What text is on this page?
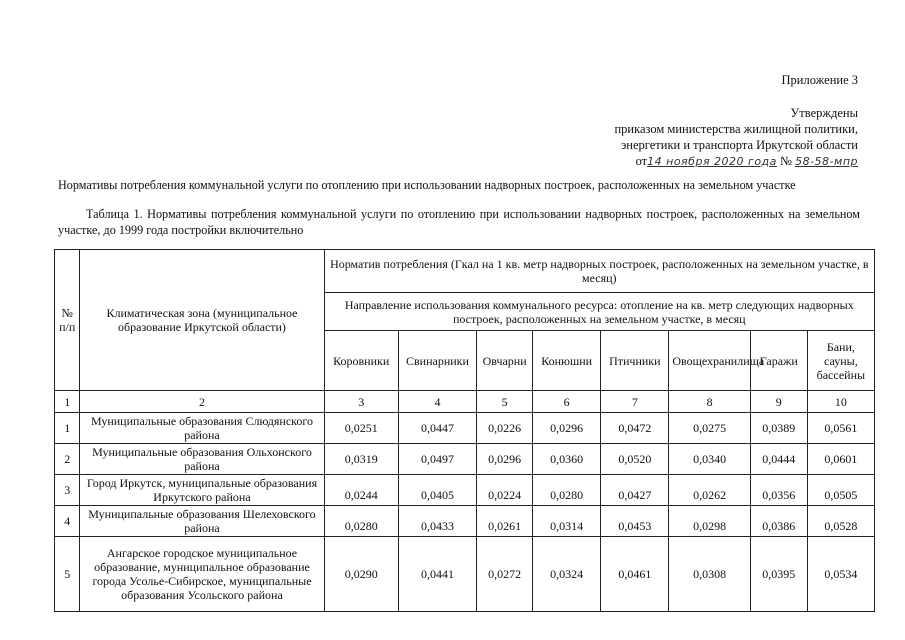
Приложение 3
Утверждены
приказом министерства жилищной политики,
энергетики и транспорта Иркутской области
от14 ноября 2020 года № 58-58-мпр
Нормативы потребления коммунальной услуги по отоплению при использовании надворных построек, расположенных на земельном участке
Таблица 1. Нормативы потребления коммунальной услуги по отоплению при использовании надворных построек, расположенных на земельном участке, до 1999 года постройки включительно
№ п/п	Климатическая зона (муниципальное образование Иркутской области)	Норматив потребления (Гкал на 1 кв. метр надворных построек, расположенных на земельном участке, в месяц)							
		Направление использования коммунального ресурса: отопление на кв. метр следующих надворных построек, расположенных на земельном участке, в месяц							
		Коровники	Свинарники	Овчарни	Конюшни	Птичники	Овощехранилища	Гаражи	Бани, сауны, бассейны
1	2	3	4	5	6	7	8	9	10
1	Муниципальные образования Слюдянского района	0,0251	0,0447	0,0226	0,0296	0,0472	0,0275	0,0389	0,0561
2	Муниципальные образования Ольхонского района	0,0319	0,0497	0,0296	0,0360	0,0520	0,0340	0,0444	0,0601
3	Город Иркутск, муниципальные образования Иркутского района	0,0244	0,0405	0,0224	0,0280	0,0427	0,0262	0,0356	0,0505
4	Муниципальные образования Шелеховского района	0,0280	0,0433	0,0261	0,0314	0,0453	0,0298	0,0386	0,0528
5	Ангарское городское муниципальное образование, муниципальное образование города Усолье-Сибирское, муниципальные образования Усольского района	0,0290	0,0441	0,0272	0,0324	0,0461	0,0308	0,0395	0,0534
